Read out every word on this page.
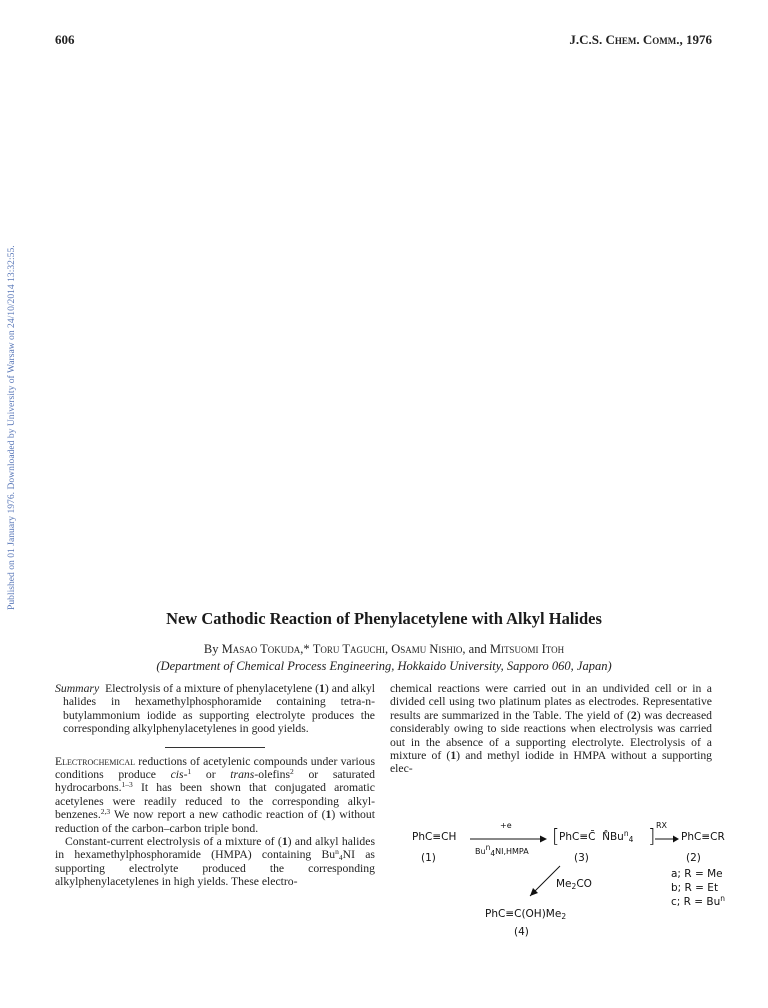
606	J.C.S. Chem. Comm., 1976
Published on 01 January 1976. Downloaded by University of Warsaw on 24/10/2014 13:32:55.
New Cathodic Reaction of Phenylacetylene with Alkyl Halides
By Masao Tokuda,* Toru Taguchi, Osamu Nishio, and Mitsuomi Itoh
(Department of Chemical Process Engineering, Hokkaido University, Sapporo 060, Japan)

Summary  Electrolysis of a mixture of phenylacetylene (1) and alkyl halides in hexamethylphosphoramide containing tetra-n-butylammonium iodide as supporting electrolyte produces the corresponding alkylphenylacetylenes in good yields.

Electrochemical reductions of acetylenic compounds under various conditions produce cis-$^1$ or trans-olefins$^2$ or saturated hydrocarbons.$^{1-3}$ It has been shown that conjugated aromatic acetylenes were readily reduced to the corresponding alkyl-benzenes.$^{2,3}$ We now report a new cathodic reaction of (1) without reduction of the carbon–carbon triple bond.

Constant-current electrolysis of a mixture of (1) and alkyl halides in hexamethylphosphoramide (HMPA) containing $Bu^n_4NI$ as supporting electrolyte produced the corresponding alkylphenylacetylenes in high yields. These electro-

chemical reactions were carried out in an undivided cell or in a divided cell using two platinum plates as electrodes. Representative results are summarized in the Table. The yield of (2) was decreased considerably owing to side reactions when electrolysis was carried out in the absence of a supporting electrolyte. Electrolysis of a mixture of (1) and methyl iodide in HMPA without a supporting elec-

PhC≡CH
+e
$Bu^n_4NI,HMPA$
[ PhC≡C̄  $N̊Bu^n_4$ ] RX
→ PhC≡CR
(1)	(3)	(2)
a; R = Me
b; R = Et
c; $R = Bu^n$
$Me_2CO$
$PhC\equiv C(OH)Me_2$
(4)
